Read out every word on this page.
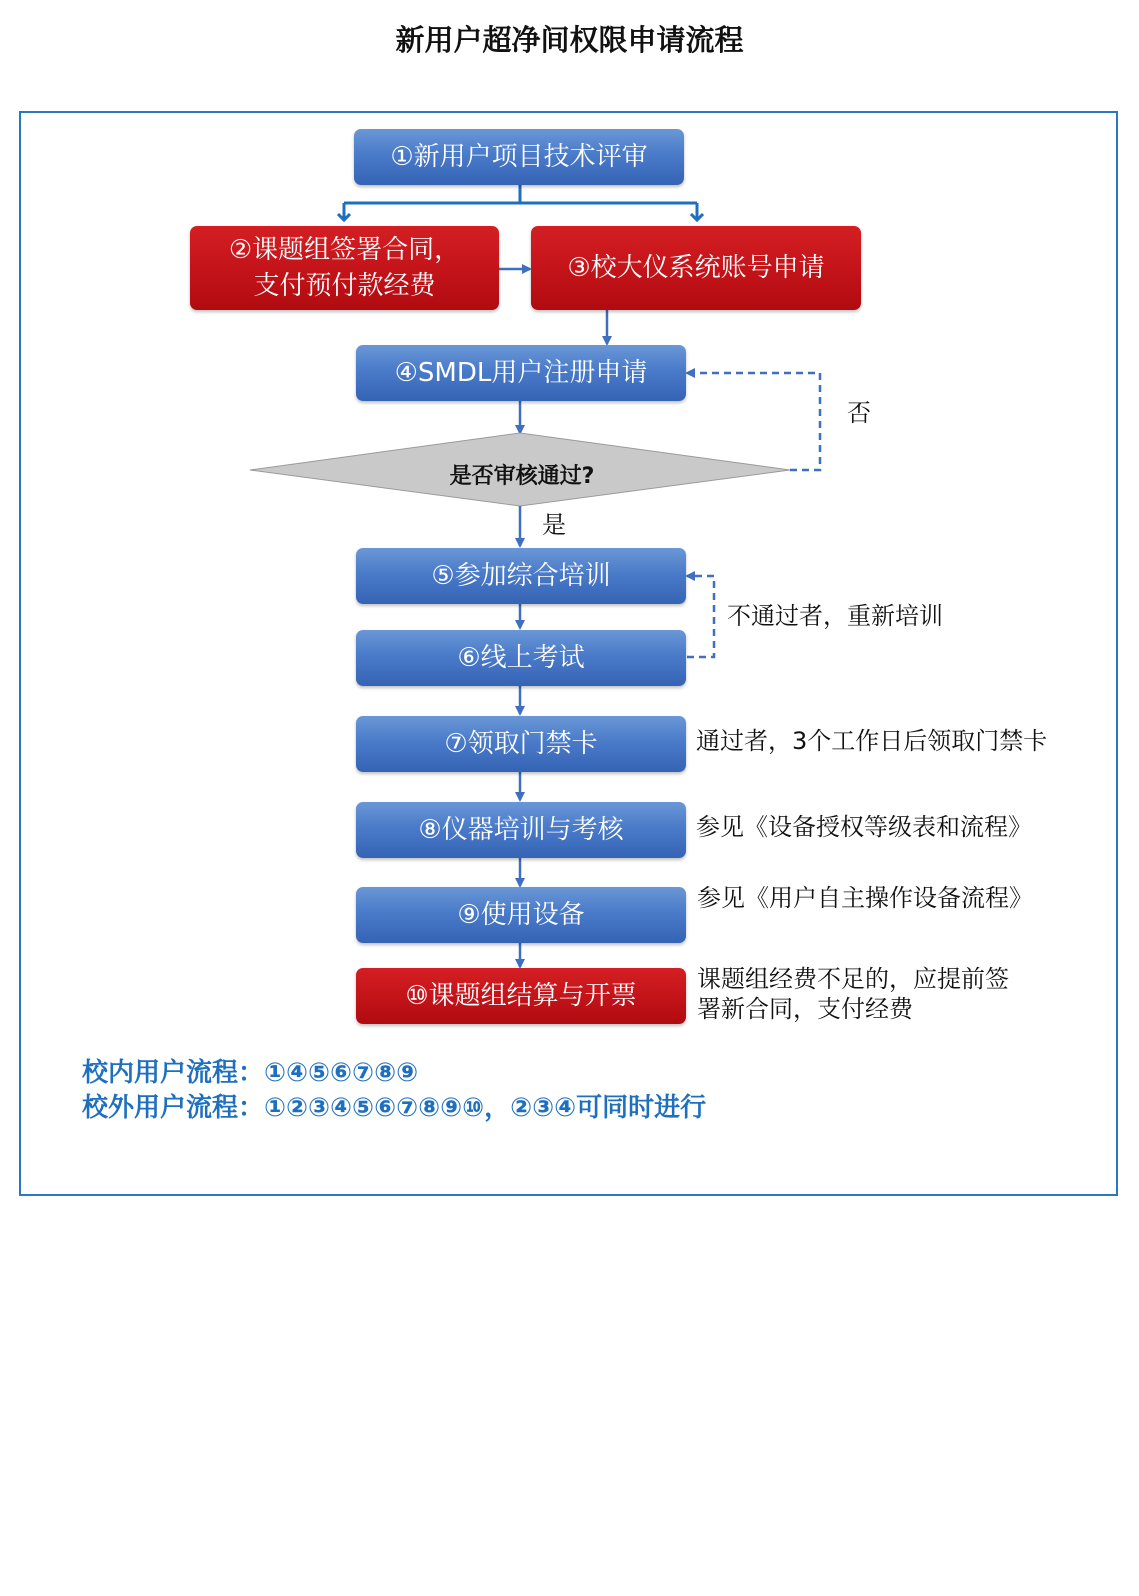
新用户超净间权限申请流程
①新用户项目技术评审
②课题组签署合同，
支付预付款经费
③校大仪系统账号申请
④SMDL用户注册申请
是否审核通过?
否
是
⑤参加综合培训
⑥线上考试
不通过者，重新培训
⑦领取门禁卡	通过者，3个工作日后领取门禁卡
⑧仪器培训与考核	参见《设备授权等级表和流程》
⑨使用设备
参见《用户自主操作设备流程》
⑩课题组结算与开票
课题组经费不足的，应提前签
署新合同，支付经费
校内用户流程：①④⑤⑥⑦⑧⑨
校外用户流程：①②③④⑤⑥⑦⑧⑨⑩，②③④可同时进行
